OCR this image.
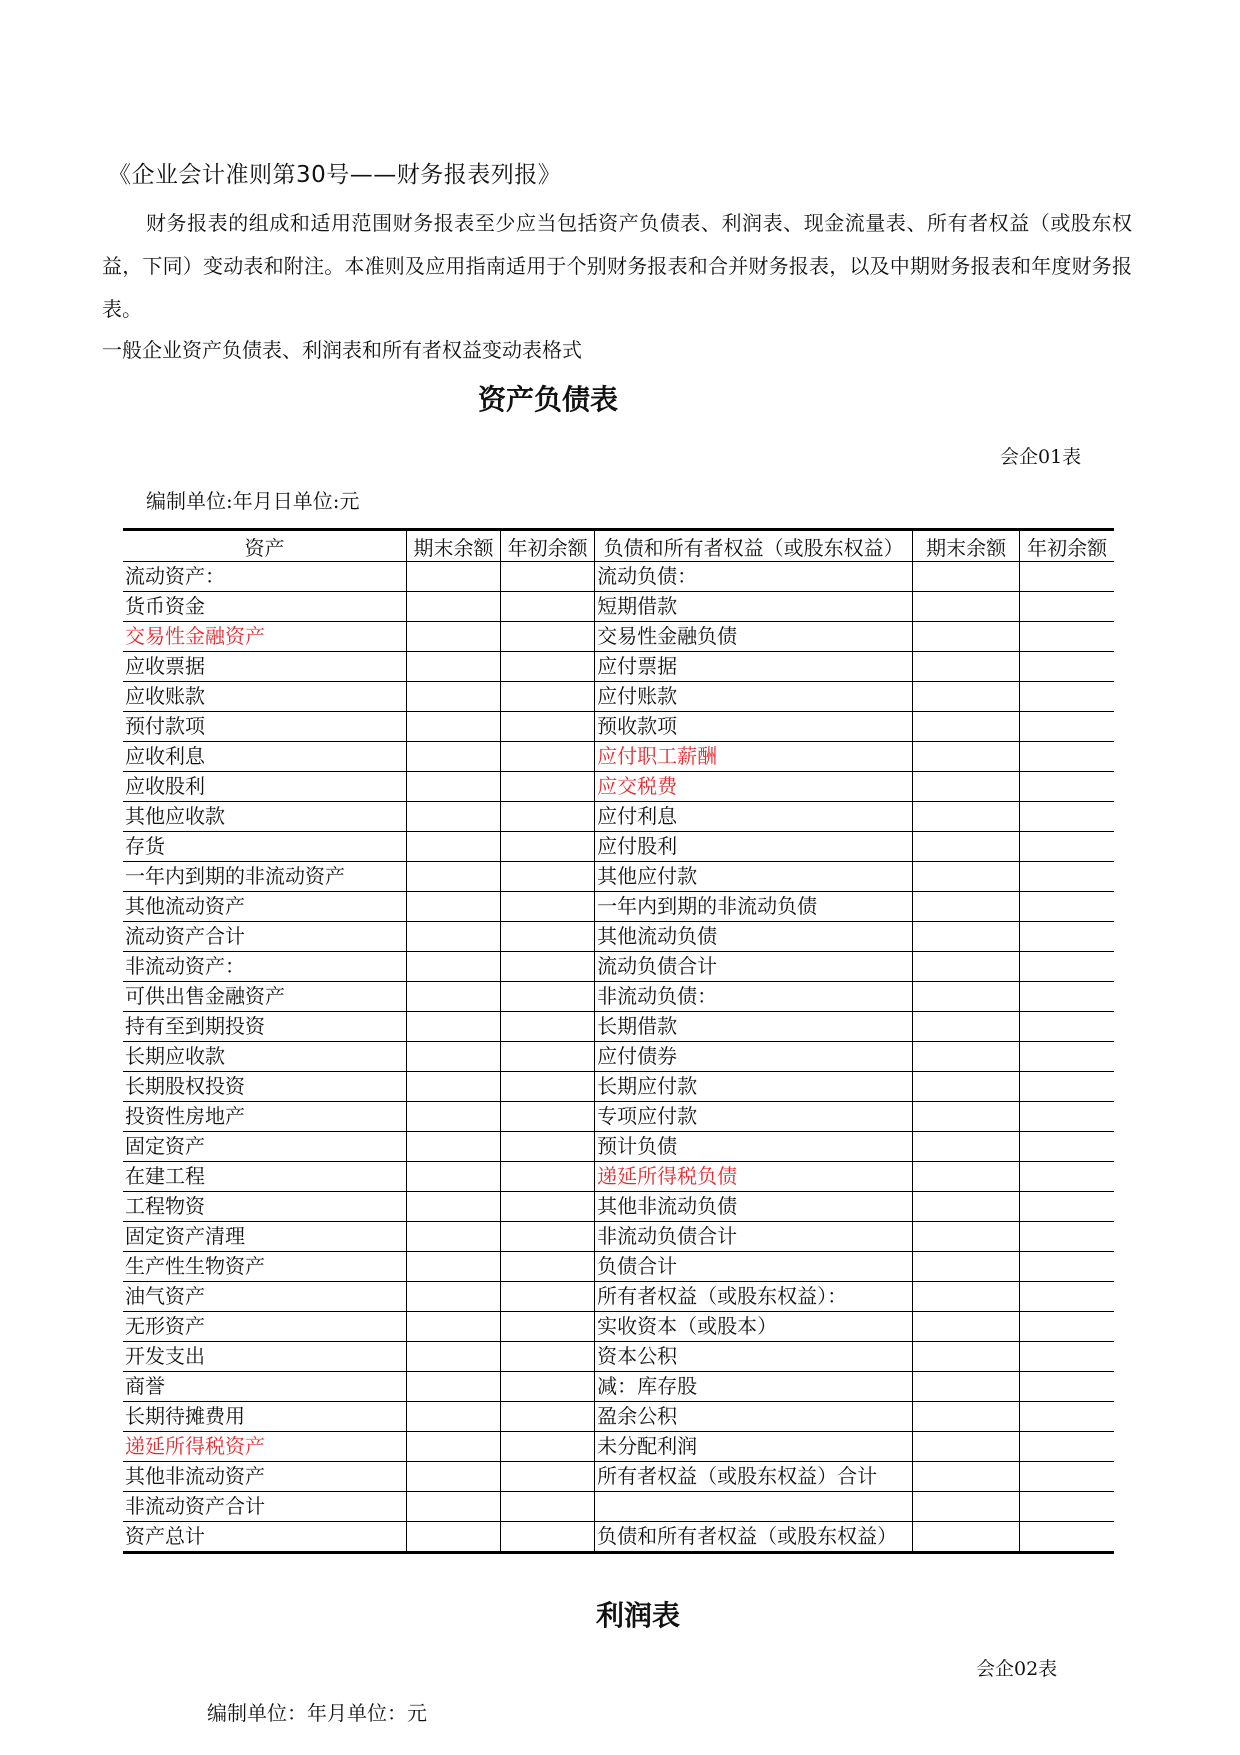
《企业会计准则第30号——财务报表列报》
财务报表的组成和适用范围财务报表至少应当包括资产负债表、利润表、现金流量表、所有者权益（或股东权益，下同）变动表和附注。本准则及应用指南适用于个别财务报表和合并财务报表，以及中期财务报表和年度财务报表。
一般企业资产负债表、利润表和所有者权益变动表格式
资产负债表
会企01表
编制单位:年月日单位:元
资产	期末余额	年初余额	负债和所有者权益（或股东权益）	期末余额	年初余额
流动资产：			流动负债：		
货币资金			短期借款		
交易性金融资产			交易性金融负债		
应收票据			应付票据		
应收账款			应付账款		
预付款项			预收款项		
应收利息			应付职工薪酬		
应收股利			应交税费		
其他应收款			应付利息		
存货			应付股利		
一年内到期的非流动资产			其他应付款		
其他流动资产			一年内到期的非流动负债		
流动资产合计			其他流动负债		
非流动资产：			流动负债合计		
可供出售金融资产			非流动负债：		
持有至到期投资			长期借款		
长期应收款			应付债券		
长期股权投资			长期应付款		
投资性房地产			专项应付款		
固定资产			预计负债		
在建工程			递延所得税负债		
工程物资			其他非流动负债		
固定资产清理			非流动负债合计		
生产性生物资产			负债合计		
油气资产			所有者权益（或股东权益）：		
无形资产			实收资本（或股本）		
开发支出			资本公积		
商誉			减：库存股		
长期待摊费用			盈余公积		
递延所得税资产			未分配利润		
其他非流动资产			所有者权益（或股东权益）合计		
非流动资产合计					
资产总计			负债和所有者权益（或股东权益）		
利润表
会企02表
编制单位：年月单位：元
